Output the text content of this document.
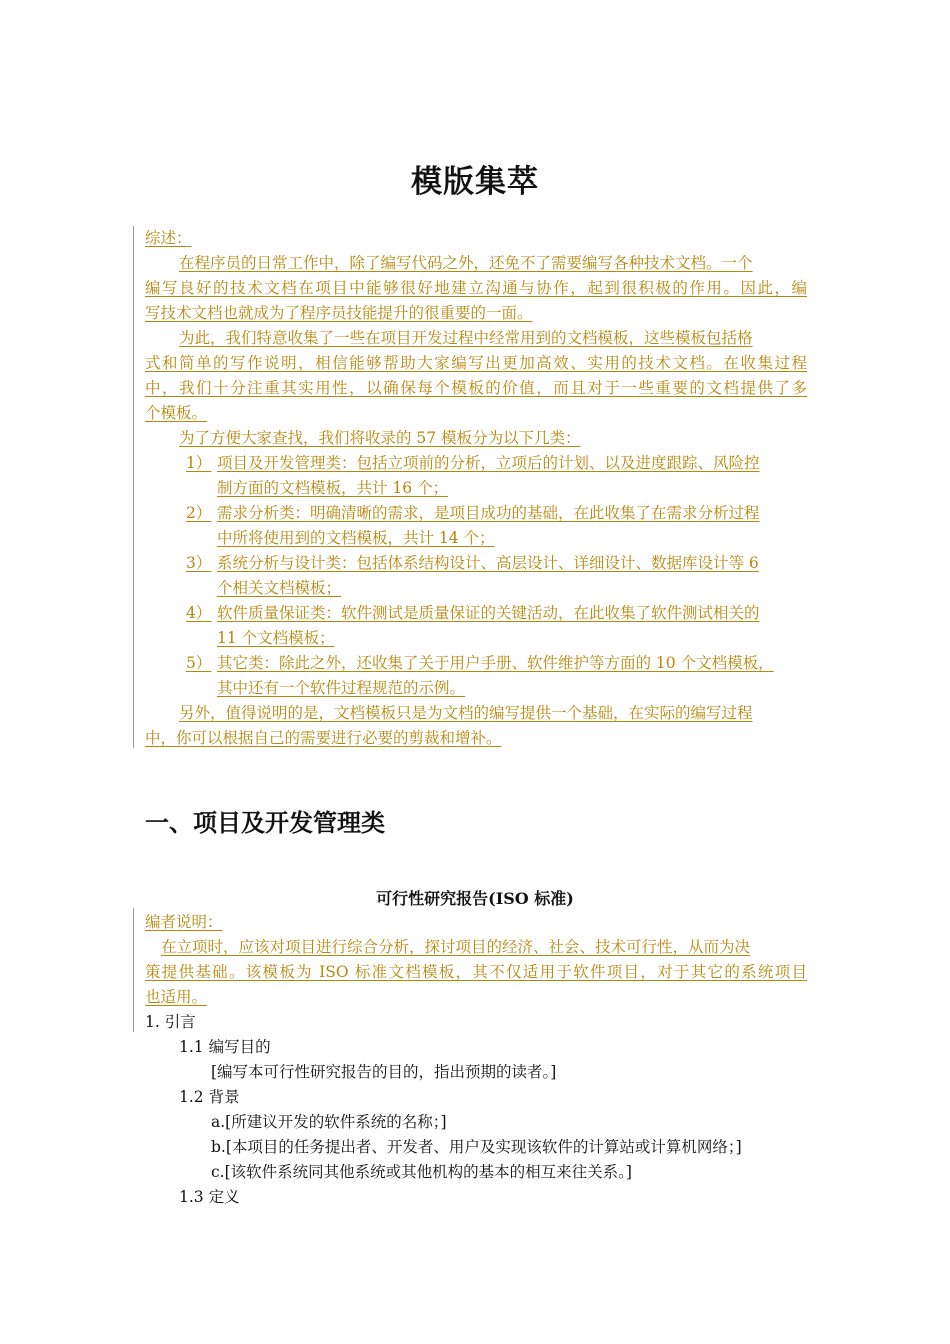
模版集萃
综述：
在程序员的日常工作中，除了编写代码之外，还免不了需要编写各种技术文档。一个
编写良好的技术文档在项目中能够很好地建立沟通与协作，起到很积极的作用。因此，编
写技术文档也就成为了程序员技能提升的很重要的一面。
为此，我们特意收集了一些在项目开发过程中经常用到的文档模板，这些模板包括格
式和简单的写作说明，相信能够帮助大家编写出更加高效、实用的技术文档。在收集过程
中，我们十分注重其实用性，以确保每个模板的价值，而且对于一些重要的文档提供了多
个模板。
为了方便大家查找，我们将收录的 57 模板分为以下几类：
1） 项目及开发管理类：包括立项前的分析，立项后的计划、以及进度跟踪、风险控
制方面的文档模板，共计 16 个；
2） 需求分析类：明确清晰的需求，是项目成功的基础，在此收集了在需求分析过程
中所将使用到的文档模板，共计 14 个；
3） 系统分析与设计类：包括体系结构设计、高层设计、详细设计、数据库设计等 6
个相关文档模板；
4） 软件质量保证类：软件测试是质量保证的关键活动，在此收集了软件测试相关的
11 个文档模板；
5） 其它类：除此之外，还收集了关于用户手册、软件维护等方面的 10 个文档模板，
其中还有一个软件过程规范的示例。
另外，值得说明的是，文档模板只是为文档的编写提供一个基础，在实际的编写过程
中，你可以根据自己的需要进行必要的剪裁和增补。
一、项目及开发管理类
可行性研究报告(ISO 标准)
编者说明：
在立项时，应该对项目进行综合分析，探讨项目的经济、社会、技术可行性，从而为决
策提供基础。该模板为 ISO 标准文档模板，其不仅适用于软件项目，对于其它的系统项目
也适用。
1. 引言
1.1 编写目的
[编写本可行性研究报告的目的，指出预期的读者。]
1.2 背景
a.[所建议开发的软件系统的名称；]
b.[本项目的任务提出者、开发者、用户及实现该软件的计算站或计算机网络；]
c.[该软件系统同其他系统或其他机构的基本的相互来往关系。]
1.3 定义
